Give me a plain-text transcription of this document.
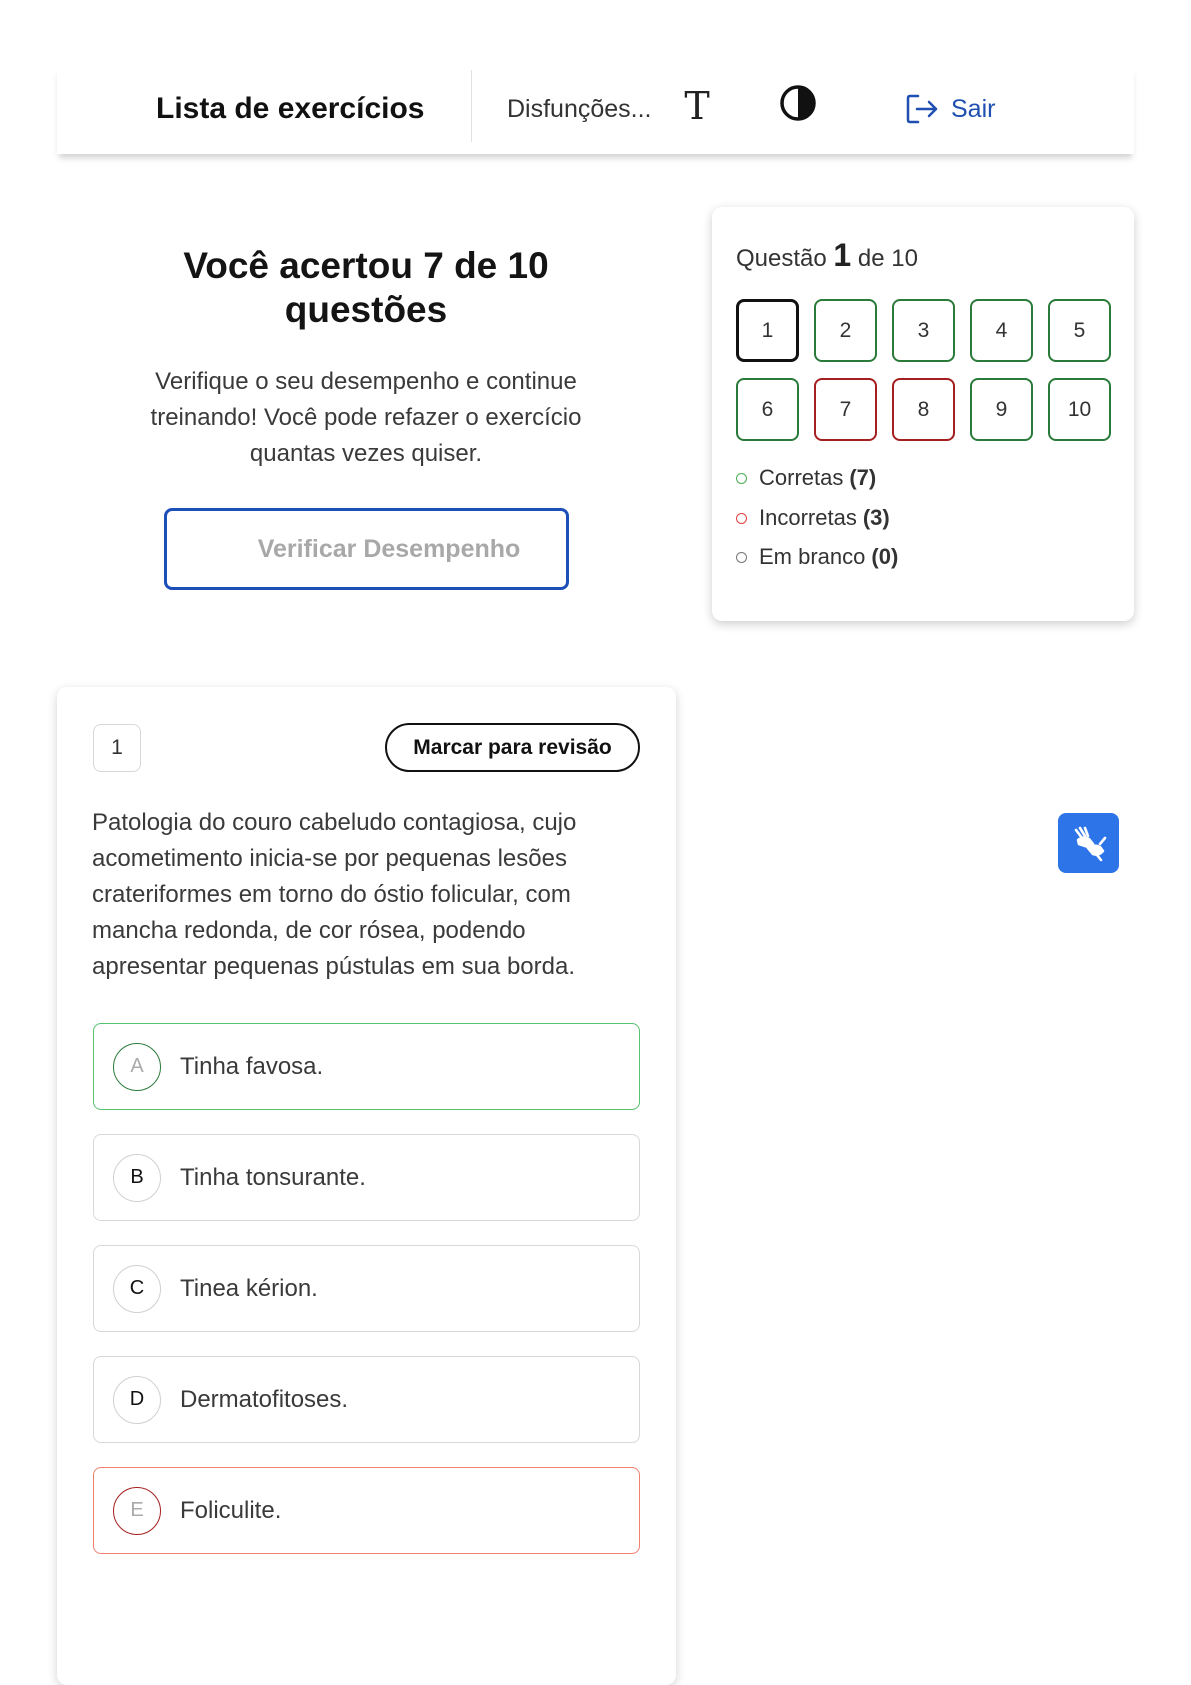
Lista de exercícios	Disfunções... T	Sair
Você acertou 7 de 10 questões
Verifique o seu desempenho e continue treinando! Você pode refazer o exercício quantas vezes quiser.
Verificar Desempenho
Questão 1 de 10
1	2	3	4	5
6	7	8	9	10
Corretas (7)
Incorretas (3)
Em branco (0)
1	Marcar para revisão
Patologia do couro cabeludo contagiosa, cujo acometimento inicia-se por pequenas lesões crateriformes em torno do óstio folicular, com mancha redonda, de cor rósea, podendo apresentar pequenas pústulas em sua borda.
A	Tinha favosa.
B	Tinha tonsurante.
C	Tinea kérion.
D	Dermatofitoses.
E	Foliculite.
